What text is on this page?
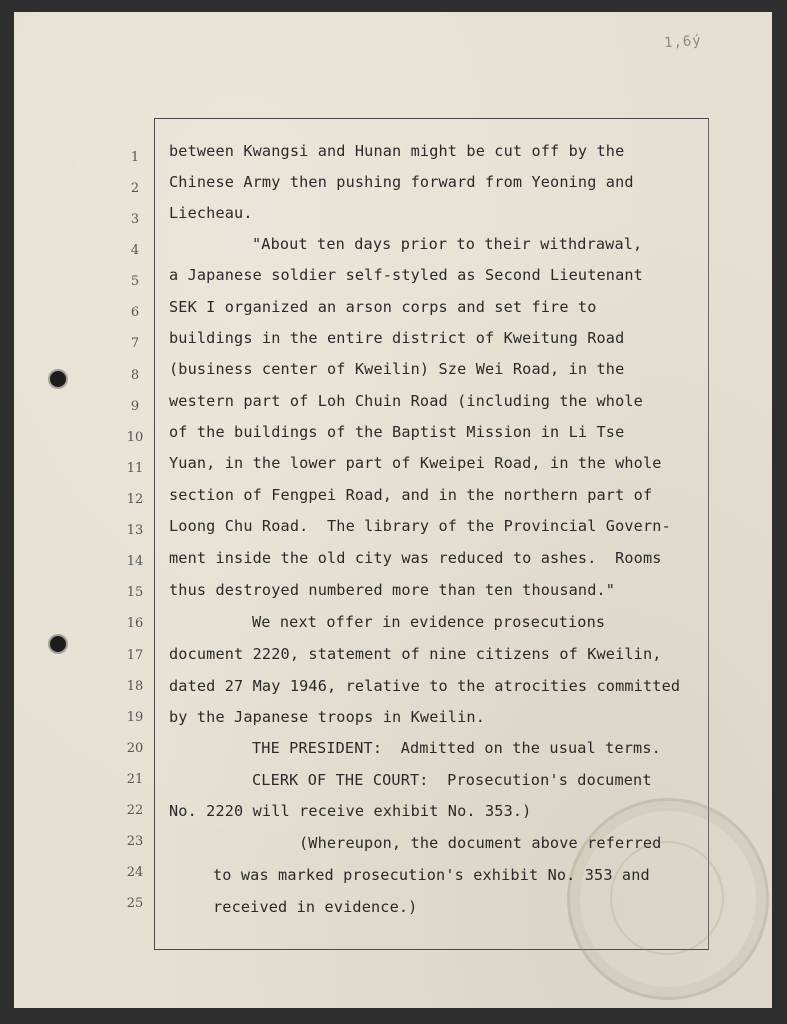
1,6ý
1
2
3
4
5
6
7
8
9
10
11
12
13
14
15
16
17
18
19
20
21
22
23
24
25
between Kwangsi and Hunan might be cut off by the
Chinese Army then pushing forward from Yeoning and
Liecheau.
"About ten days prior to their withdrawal,
a Japanese soldier self-styled as Second Lieutenant
SEK I organized an arson corps and set fire to
buildings in the entire district of Kweitung Road
(business center of Kweilin) Sze Wei Road, in the
western part of Loh Chuin Road (including the whole
of the buildings of the Baptist Mission in Li Tse
Yuan, in the lower part of Kweipei Road, in the whole
section of Fengpei Road, and in the northern part of
Loong Chu Road.  The library of the Provincial Govern-
ment inside the old city was reduced to ashes.  Rooms
thus destroyed numbered more than ten thousand."
We next offer in evidence prosecutions
document 2220, statement of nine citizens of Kweilin,
dated 27 May 1946, relative to the atrocities committed
by the Japanese troops in Kweilin.
THE PRESIDENT:  Admitted on the usual terms.
CLERK OF THE COURT:  Prosecution's document
No. 2220 will receive exhibit No. 353.)
(Whereupon, the document above referred
to was marked prosecution's exhibit No. 353 and
received in evidence.)
